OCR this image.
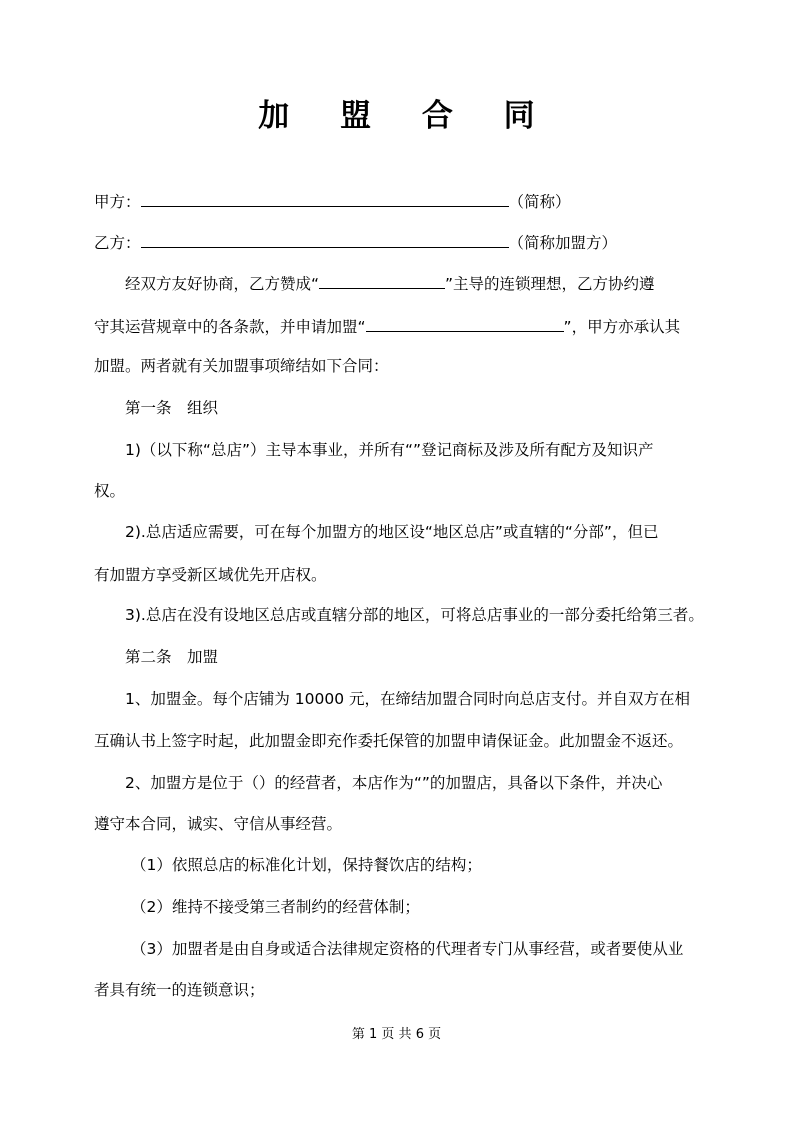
加 盟 合 同
甲方：	（简称）
乙方：	（简称加盟方）
经双方友好协商，乙方赞成“	”主导的连锁理想，乙方协约遵
守其运营规章中的各条款，并申请加盟“	”，甲方亦承认其
加盟。两者就有关加盟事项缔结如下合同：
第一条　组织
1)（以下称“总店”）主导本事业，并所有“”登记商标及涉及所有配方及知识产
权。
2).总店适应需要，可在每个加盟方的地区设“地区总店”或直辖的“分部”，但已
有加盟方享受新区域优先开店权。
3).总店在没有设地区总店或直辖分部的地区，可将总店事业的一部分委托给第三者。
第二条　加盟
1、加盟金。每个店铺为 10000 元，在缔结加盟合同时向总店支付。并自双方在相
互确认书上签字时起，此加盟金即充作委托保管的加盟申请保证金。此加盟金不返还。
2、加盟方是位于（）的经营者，本店作为“”的加盟店，具备以下条件，并决心
遵守本合同，诚实、守信从事经营。
（1）依照总店的标准化计划，保持餐饮店的结构；
（2）维持不接受第三者制约的经营体制；
（3）加盟者是由自身或适合法律规定资格的代理者专门从事经营，或者要使从业
者具有统一的连锁意识；
第 1 页 共 6 页
